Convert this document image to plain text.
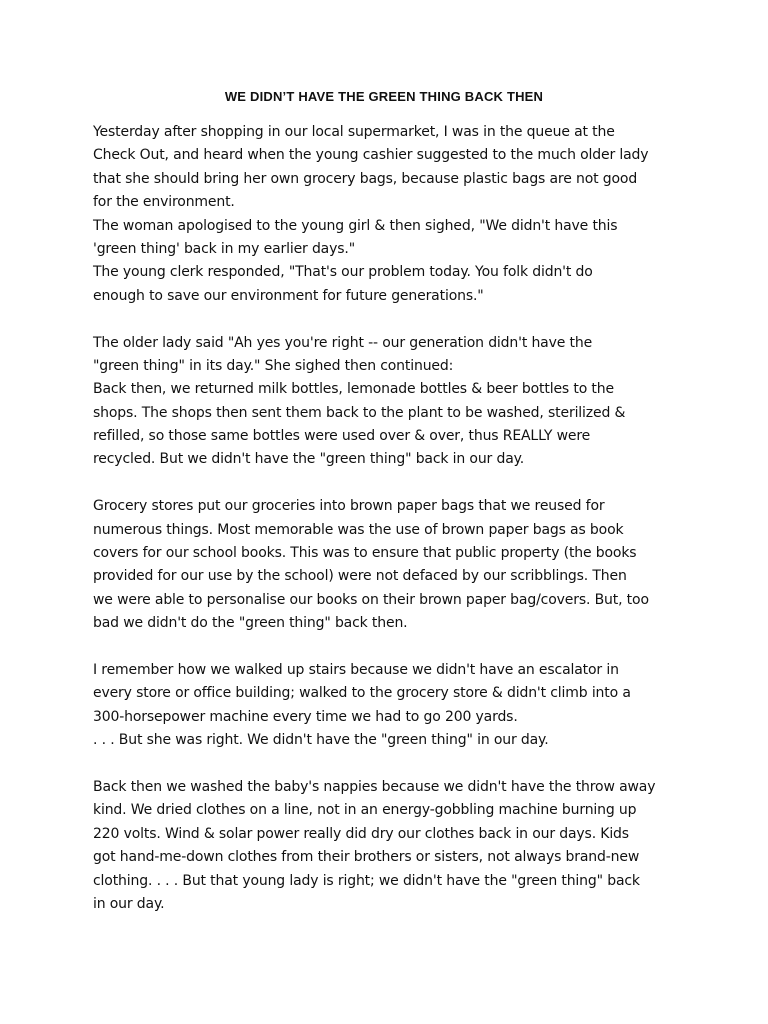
WE DIDN’T HAVE THE GREEN THING BACK THEN
Yesterday after shopping in our local supermarket, I was in the queue at the
Check Out, and heard when the young cashier suggested to the much older lady
that she should bring her own grocery bags, because plastic bags are not good
for the environment.
The woman apologised to the young girl & then sighed, "We didn't have this
'green thing' back in my earlier days."
The young clerk responded, "That's our problem today. You folk didn't do
enough to save our environment for future generations."
The older lady said "Ah yes you're right -- our generation didn't have the
"green thing" in its day." She sighed then continued:
Back then, we returned milk bottles, lemonade bottles & beer bottles to the
shops. The shops then sent them back to the plant to be washed, sterilized &
refilled, so those same bottles were used over & over, thus REALLY were
recycled. But we didn't have the "green thing" back in our day.
Grocery stores put our groceries into brown paper bags that we reused for
numerous things. Most memorable was the use of brown paper bags as book
covers for our school books. This was to ensure that public property (the books
provided for our use by the school) were not defaced by our scribblings. Then
we were able to personalise our books on their brown paper bag/covers. But, too
bad we didn't do the "green thing" back then.
I remember how we walked up stairs because we didn't have an escalator in
every store or office building; walked to the grocery store & didn't climb into a
300-horsepower machine every time we had to go 200 yards.
. . . But she was right. We didn't have the "green thing" in our day.
Back then we washed the baby's nappies because we didn't have the throw away
kind. We dried clothes on a line, not in an energy-gobbling machine burning up
220 volts. Wind & solar power really did dry our clothes back in our days. Kids
got hand-me-down clothes from their brothers or sisters, not always brand-new
clothing. . . . But that young lady is right; we didn't have the "green thing" back
in our day.
